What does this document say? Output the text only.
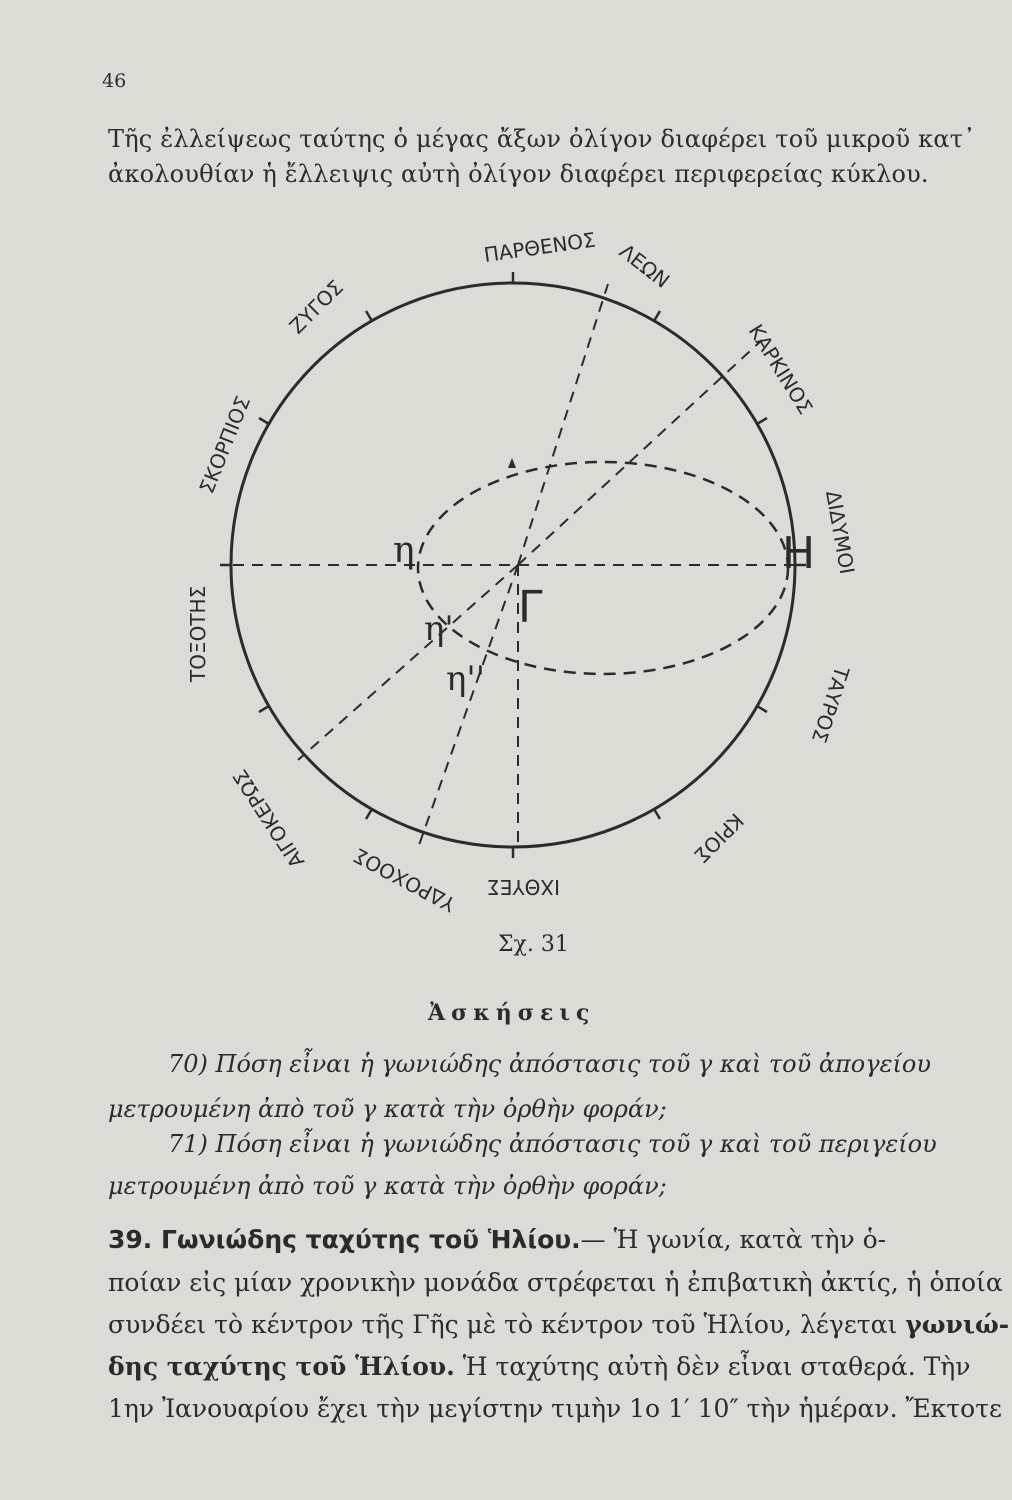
46
Τῆς ἐλλείψεως ταύτης ὁ μέγας ἄξων ὀλίγον διαφέρει τοῦ μικροῦ κατ᾽
ἀκολουθίαν ἡ ἔλλειψις αὐτὴ ὀλίγον διαφέρει περιφερείας κύκλου.
ΠΑΡΘΕΝΟΣ ΛΕΩΝ
ΚΑΡΚΙΝΟΣ
ΔΙΔΥΜΟΙ
ΤΑΥΡΟΣ
ΚΡΙΟΣ
ΙΧΘΥΕΣ
ΥΔΡΟΧΟΟΣ
ΑΙΓΟΚΕΡΩΣ
ΤΟΞΟΤΗΣ
ΣΚΟΡΠΙΟΣ
ΖΥΓΟΣ
Γ
Η
η
η'
η''
Σχ. 31
Ἀσκήσεις
70) Πόση εἶναι ἡ γωνιώδης ἀπόστασις τοῦ γ καὶ τοῦ ἀπογείου
μετρουμένη ἀπὸ τοῦ γ κατὰ τὴν ὀρθὴν φοράν;
71) Πόση εἶναι ἡ γωνιώδης ἀπόστασις τοῦ γ καὶ τοῦ περιγείου
μετρουμένη ἀπὸ τοῦ γ κατὰ τὴν ὀρθὴν φοράν;
39. Γωνιώδης ταχύτης τοῦ Ἡλίου.— Ἡ γωνία, κατὰ τὴν ὁ-
ποίαν εἰς μίαν χρονικὴν μονάδα στρέφεται ἡ ἐπιβατικὴ ἀκτίς, ἡ ὁποία
συνδέει τὸ κέντρον τῆς Γῆς μὲ τὸ κέντρον τοῦ Ἡλίου, λέγεται γωνιώ-
δης ταχύτης τοῦ Ἡλίου. Ἡ ταχύτης αὐτὴ δὲν εἶναι σταθερά. Τὴν
1ην Ἰανουαρίου ἔχει τὴν μεγίστην τιμὴν 1ο 1′ 10″ τὴν ἡμέραν. Ἔκτοτε
